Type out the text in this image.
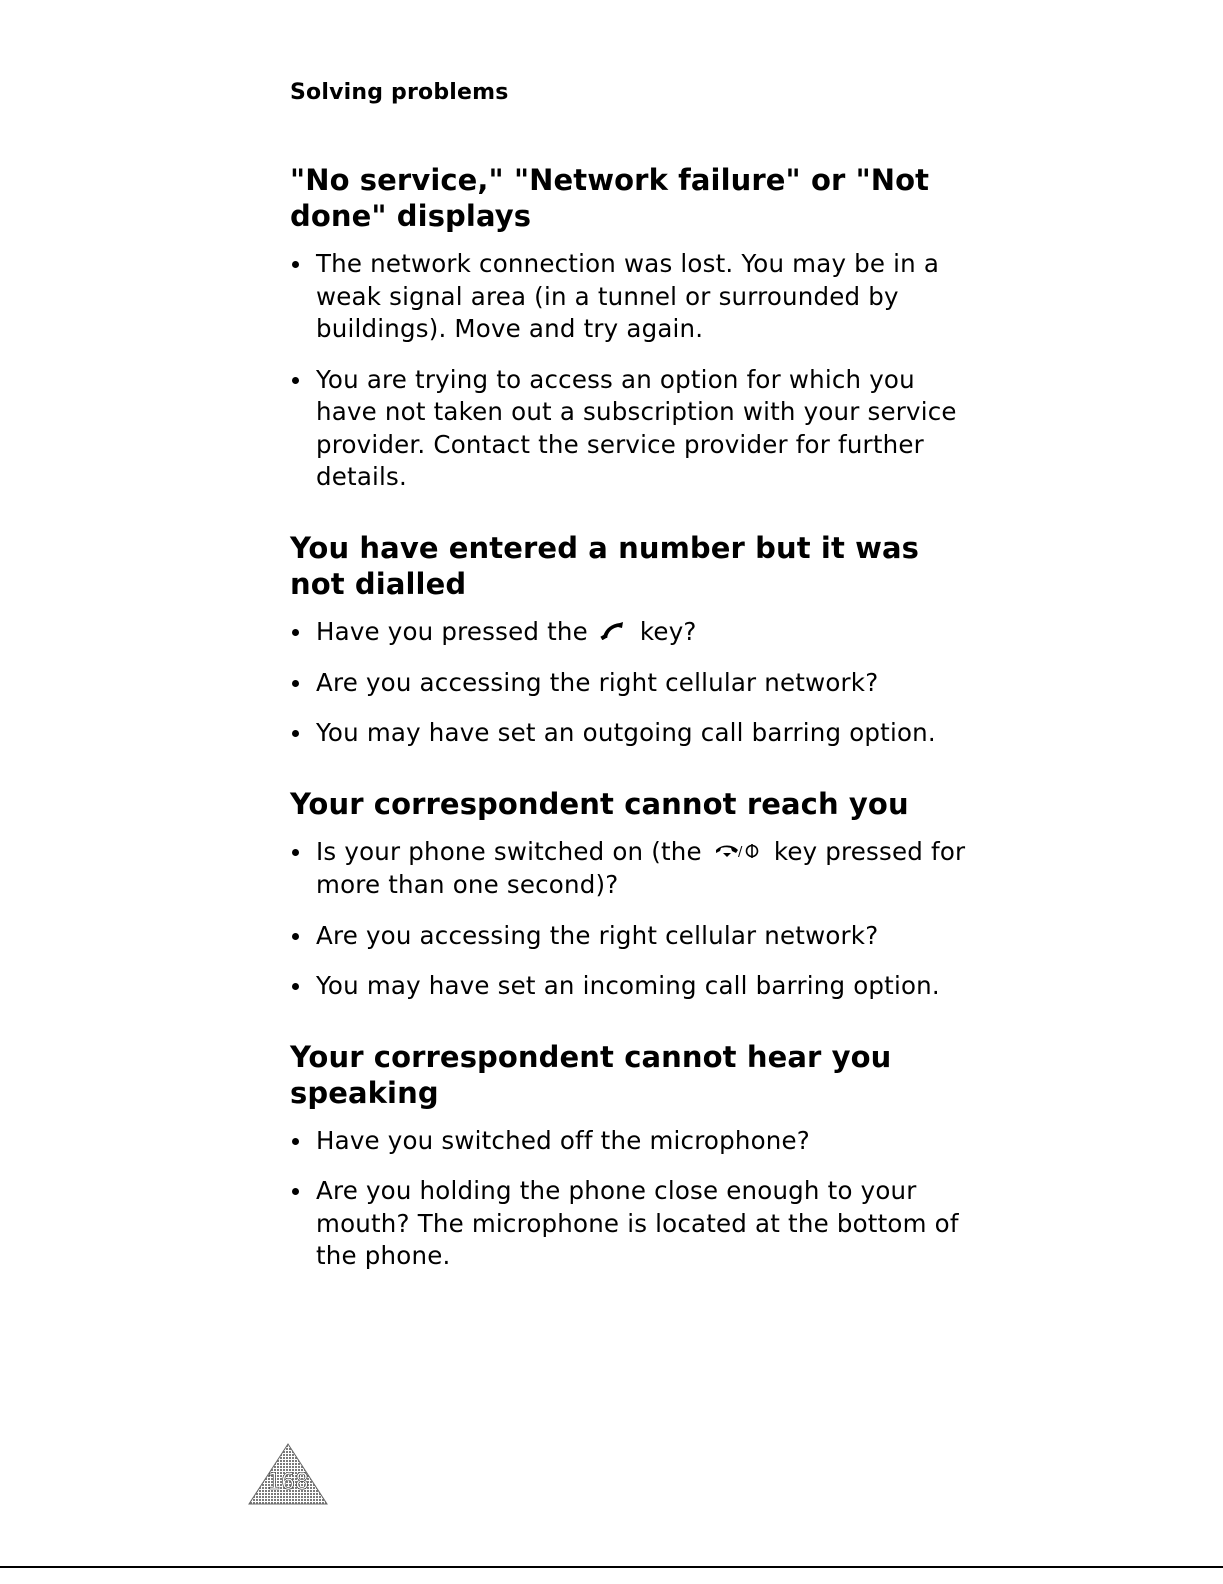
Solving problems
"No service," "Network failure" or "Not done" displays
The network connection was lost. You may be in a weak signal area (in a tunnel or surrounded by buildings). Move and try again.
You are trying to access an option for which you have not taken out a subscription with your service provider. Contact the service provider for further details.
You have entered a number but it was not dialled
Have you pressed the key?
Are you accessing the right cellular network?
You may have set an outgoing call barring option.
Your correspondent cannot reach you
Is your phone switched on (the	/ key pressed for more than one second)?
Are you accessing the right cellular network?
You may have set an incoming call barring option.
Your correspondent cannot hear you speaking
Have you switched off the microphone?
Are you holding the phone close enough to your mouth? The microphone is located at the bottom of the phone.
168
